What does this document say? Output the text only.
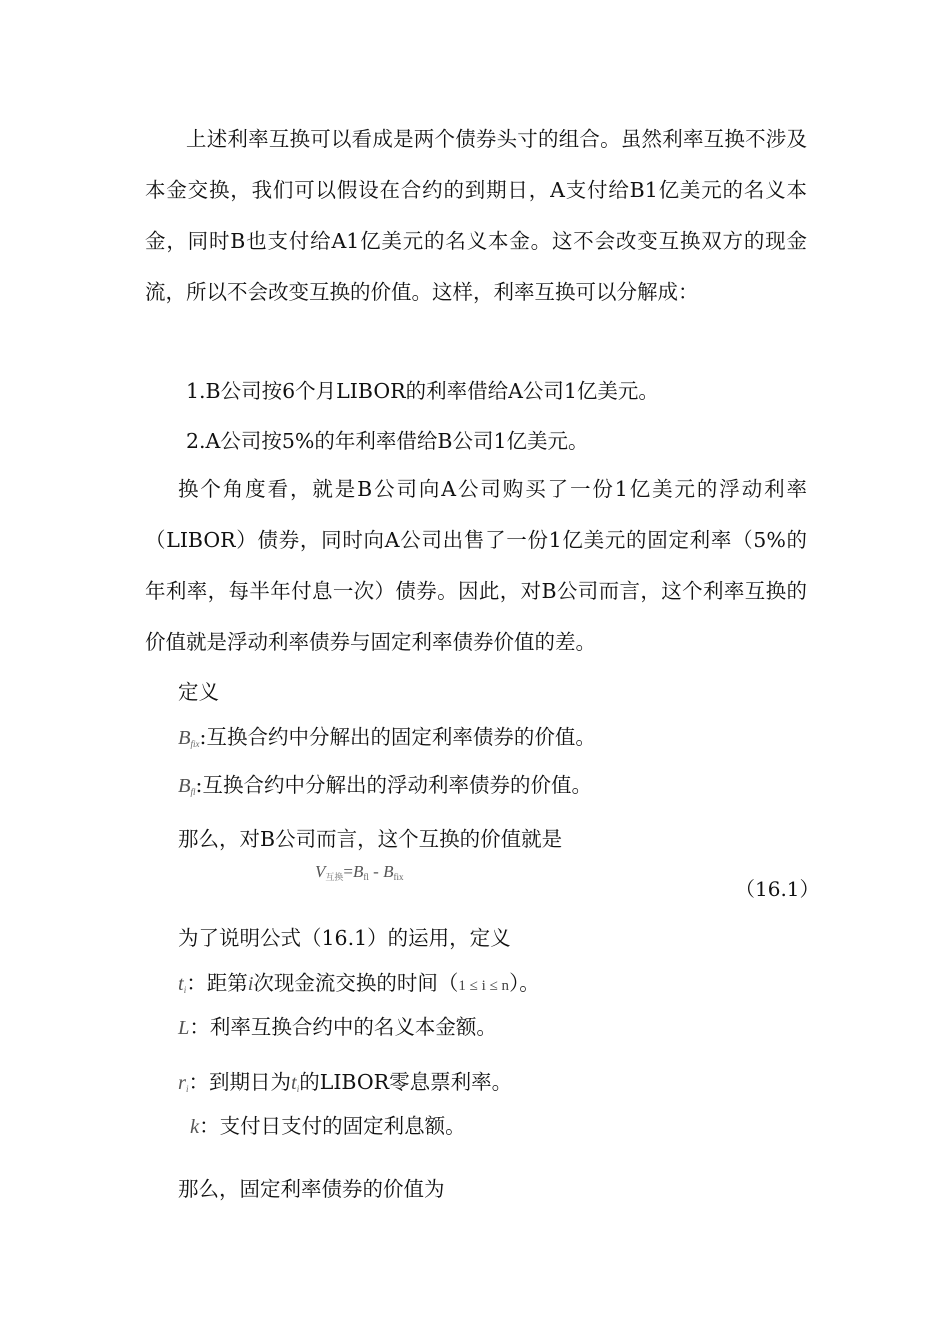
上述利率互换可以看成是两个债券头寸的组合。虽然利率互换不涉及本金交换，我们可以假设在合约的到期日，A支付给B1亿美元的名义本金，同时B也支付给A1亿美元的名义本金。这不会改变互换双方的现金流，所以不会改变互换的价值。这样，利率互换可以分解成：

1.B公司按6个月LIBOR的利率借给A公司1亿美元。

2.A公司按5%的年利率借给B公司1亿美元。

换个角度看，就是B公司向A公司购买了一份1亿美元的浮动利率（LIBOR）债券，同时向A公司出售了一份1亿美元的固定利率（5%的年利率，每半年付息一次）债券。因此，对B公司而言，这个利率互换的价值就是浮动利率债券与固定利率债券价值的差。

定义

$B_{fix}$:互换合约中分解出的固定利率债券的价值。

$B_{fl}$:互换合约中分解出的浮动利率债券的价值。

那么，对B公司而言，这个互换的价值就是

V互换$=B_{fl} - B_{fix}$	（16.1）

为了说明公式（16.1）的运用，定义

$t_i$：距第i次现金流交换的时间（1 ≤ i ≤ n）。

L：利率互换合约中的名义本金额。

$r_i$：到期日为$t_i$的LIBOR零息票利率。

k：支付日支付的固定利息额。

那么，固定利率债券的价值为
